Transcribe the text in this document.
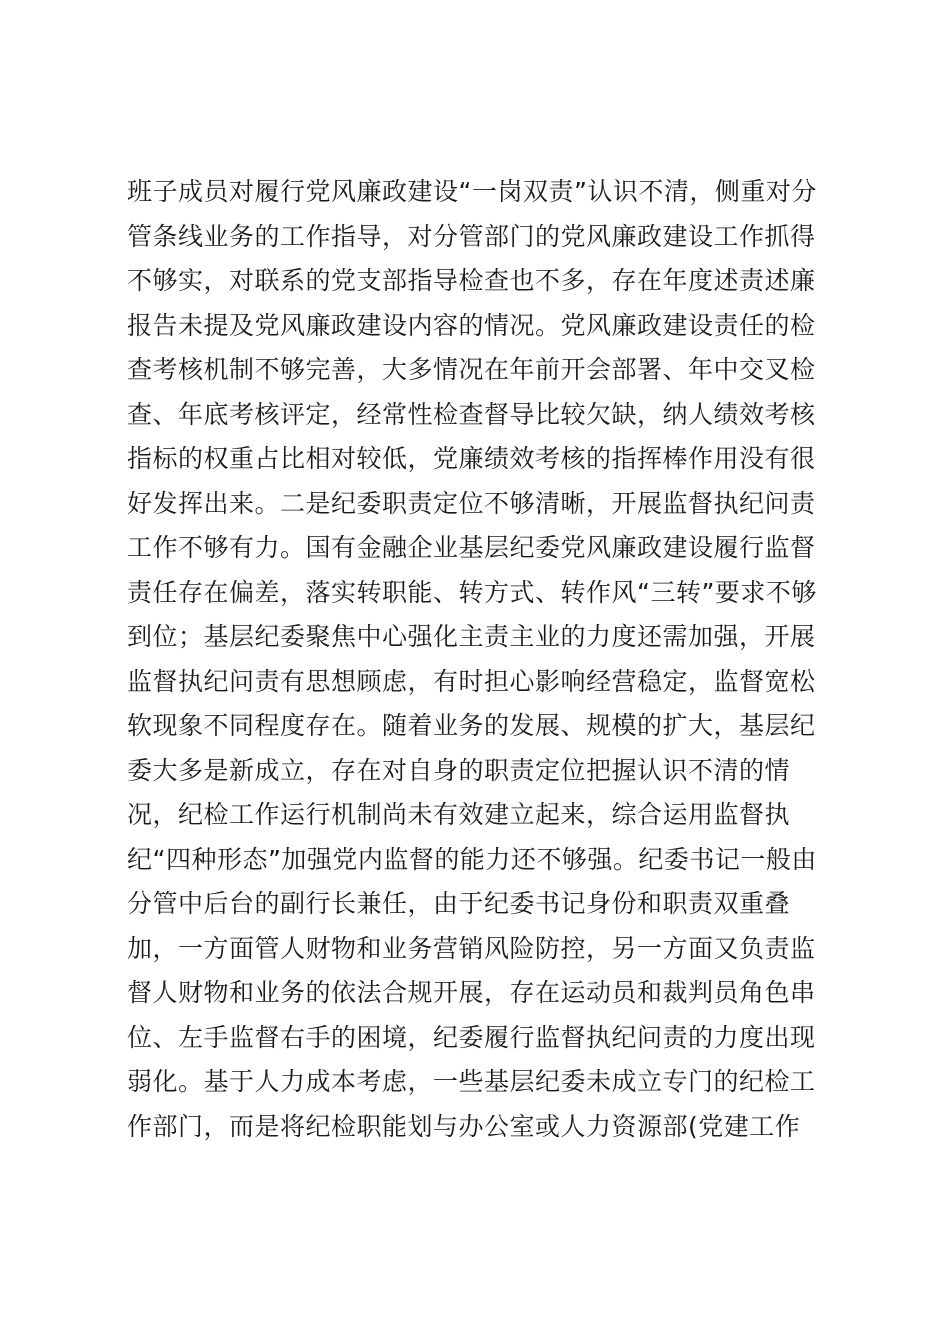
班子成员对履行党风廉政建设“一岗双责”认识不清，侧重对分
管条线业务的工作指导，对分管部门的党风廉政建设工作抓得
不够实，对联系的党支部指导检查也不多，存在年度述责述廉
报告未提及党风廉政建设内容的情况。党风廉政建设责任的检
查考核机制不够完善，大多情况在年前开会部署、年中交叉检
查、年底考核评定，经常性检查督导比较欠缺，纳人绩效考核
指标的权重占比相对较低，党廉绩效考核的指挥棒作用没有很
好发挥出来。二是纪委职责定位不够清晰，开展监督执纪问责
工作不够有力。国有金融企业基层纪委党风廉政建设履行监督
责任存在偏差，落实转职能、转方式、转作风“三转”要求不够
到位；基层纪委聚焦中心强化主责主业的力度还需加强，开展
监督执纪问责有思想顾虑，有时担心影响经营稳定，监督宽松
软现象不同程度存在。随着业务的发展、规模的扩大，基层纪
委大多是新成立，存在对自身的职责定位把握认识不清的情
况，纪检工作运行机制尚未有效建立起来，综合运用监督执
纪“四种形态”加强党内监督的能力还不够强。纪委书记一般由
分管中后台的副行长兼任，由于纪委书记身份和职责双重叠
加，一方面管人财物和业务营销风险防控，另一方面又负责监
督人财物和业务的依法合规开展，存在运动员和裁判员角色串
位、左手监督右手的困境，纪委履行监督执纪问责的力度出现
弱化。基于人力成本考虑，一些基层纪委未成立专门的纪检工
作部门，而是将纪检职能划与办公室或人力资源部(党建工作
